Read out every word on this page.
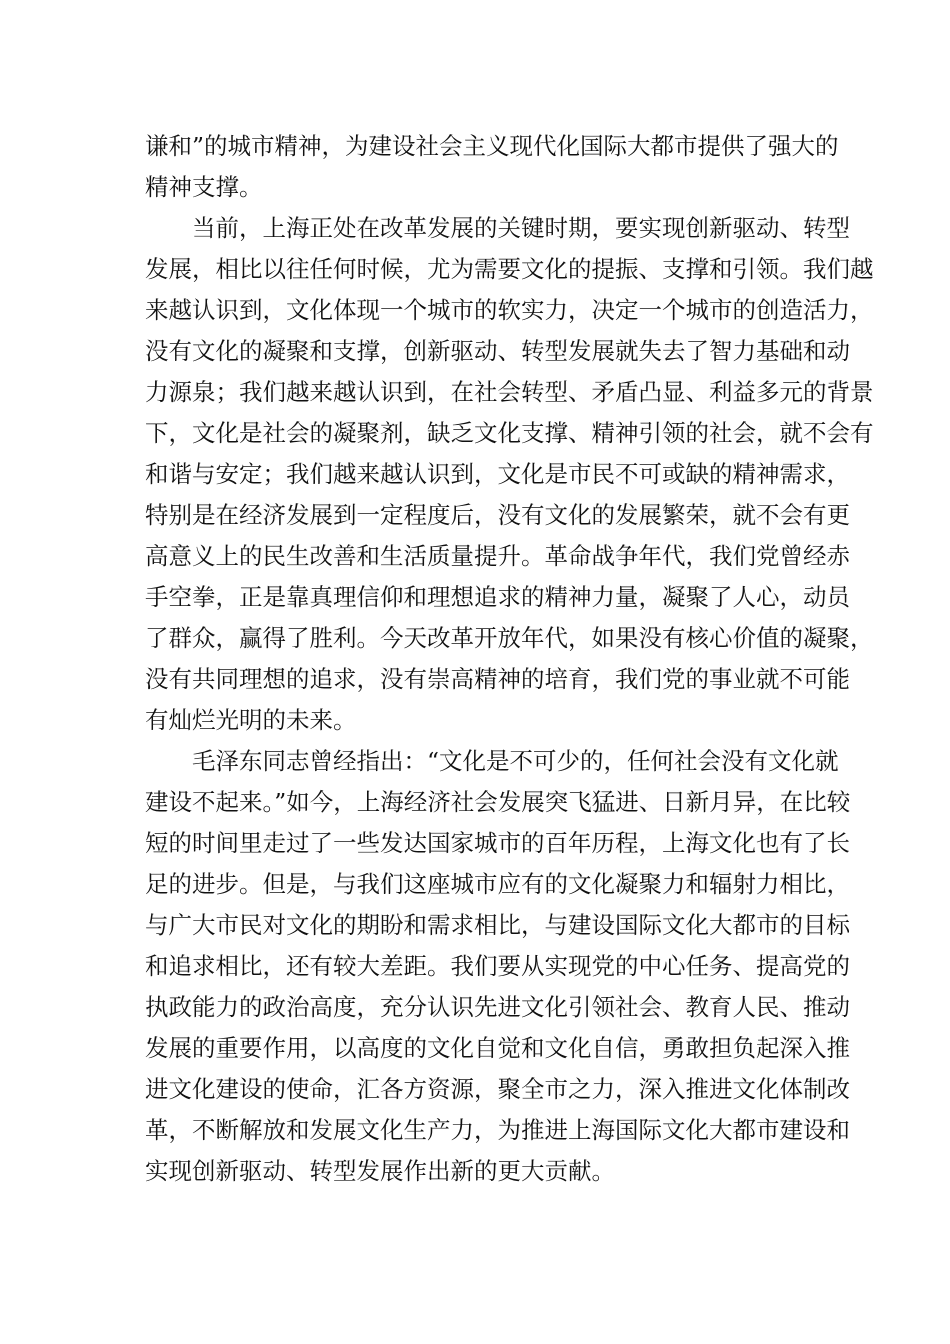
谦和”的城市精神，为建设社会主义现代化国际大都市提供了强大的
精神支撑。
当前，上海正处在改革发展的关键时期，要实现创新驱动、转型
发展，相比以往任何时候，尤为需要文化的提振、支撑和引领。我们越
来越认识到，文化体现一个城市的软实力，决定一个城市的创造活力，
没有文化的凝聚和支撑，创新驱动、转型发展就失去了智力基础和动
力源泉；我们越来越认识到，在社会转型、矛盾凸显、利益多元的背景
下，文化是社会的凝聚剂，缺乏文化支撑、精神引领的社会，就不会有
和谐与安定；我们越来越认识到，文化是市民不可或缺的精神需求，
特别是在经济发展到一定程度后，没有文化的发展繁荣，就不会有更
高意义上的民生改善和生活质量提升。革命战争年代，我们党曾经赤
手空拳，正是靠真理信仰和理想追求的精神力量，凝聚了人心，动员
了群众，赢得了胜利。今天改革开放年代，如果没有核心价值的凝聚，
没有共同理想的追求，没有崇高精神的培育，我们党的事业就不可能
有灿烂光明的未来。
毛泽东同志曾经指出：“文化是不可少的，任何社会没有文化就
建设不起来。”如今，上海经济社会发展突飞猛进、日新月异，在比较
短的时间里走过了一些发达国家城市的百年历程，上海文化也有了长
足的进步。但是，与我们这座城市应有的文化凝聚力和辐射力相比，
与广大市民对文化的期盼和需求相比，与建设国际文化大都市的目标
和追求相比，还有较大差距。我们要从实现党的中心任务、提高党的
执政能力的政治高度，充分认识先进文化引领社会、教育人民、推动
发展的重要作用，以高度的文化自觉和文化自信，勇敢担负起深入推
进文化建设的使命，汇各方资源，聚全市之力，深入推进文化体制改
革，不断解放和发展文化生产力，为推进上海国际文化大都市建设和
实现创新驱动、转型发展作出新的更大贡献。
